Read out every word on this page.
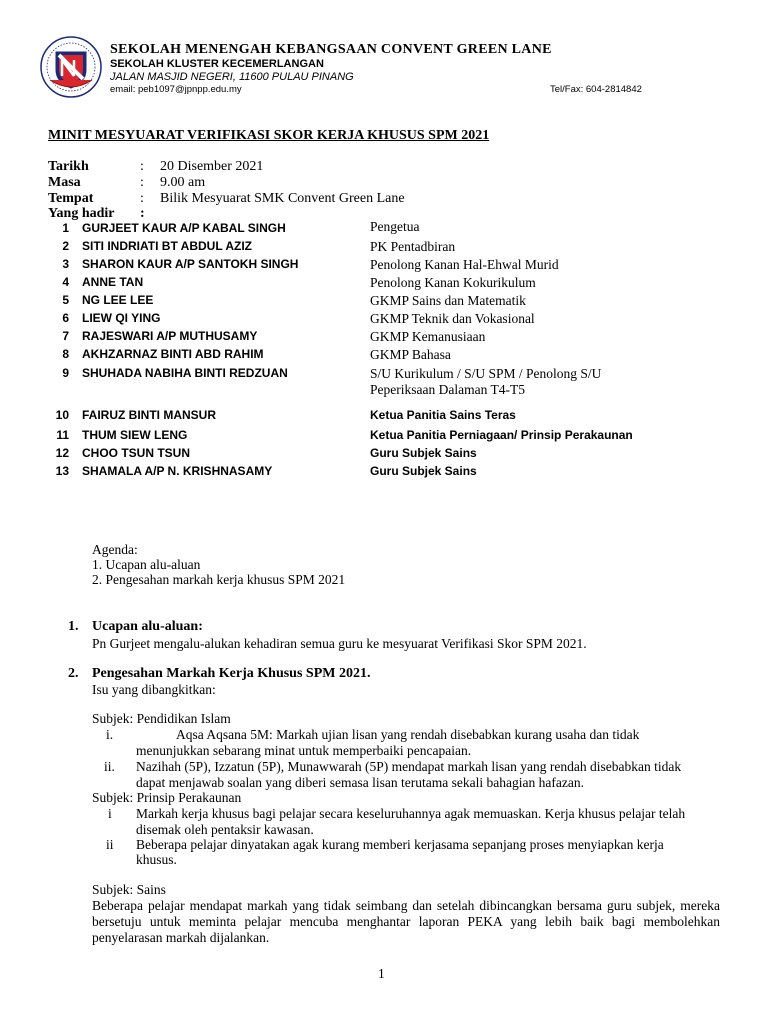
SEKOLAH MENENGAH KEBANGSAAN CONVENT GREEN LANE
SEKOLAH KLUSTER KECEMERLANGAN
JALAN MASJID NEGERI, 11600 PULAU PINANG
email: peb1097@jpnpp.edu.my	Tel/Fax: 604-2814842
MINIT MESYUARAT VERIFIKASI SKOR KERJA KHUSUS SPM 2021
Tarikh	: 20 Disember 2021
Masa	: 9.00 am
Tempat	: Bilik Mesyuarat SMK Convent Green Lane
Yang hadir :
1 GURJEET KAUR A/P KABAL SINGH	Pengetua
2 SITI INDRIATI BT ABDUL AZIZ	PK Pentadbiran
3 SHARON KAUR A/P SANTOKH SINGH	Penolong Kanan Hal-Ehwal Murid
4 ANNE TAN	Penolong Kanan Kokurikulum
5 NG LEE LEE	GKMP Sains dan Matematik
6 LIEW QI YING	GKMP Teknik dan Vokasional
7 RAJESWARI A/P MUTHUSAMY	GKMP Kemanusiaan
8 AKHZARNAZ BINTI ABD RAHIM	GKMP Bahasa
9 SHUHADA NABIHA BINTI REDZUAN	S/U Kurikulum / S/U SPM / Penolong S/U
Peperiksaan Dalaman T4-T5
10 FAIRUZ BINTI MANSUR	Ketua Panitia Sains Teras
11 THUM SIEW LENG	Ketua Panitia Perniagaan/ Prinsip Perakaunan
12 CHOO TSUN TSUN	Guru Subjek Sains
13 SHAMALA A/P N. KRISHNASAMY	Guru Subjek Sains
Agenda:
1. Ucapan alu-aluan
2. Pengesahan markah kerja khusus SPM 2021
1. Ucapan alu-aluan:
Pn Gurjeet mengalu-alukan kehadiran semua guru ke mesyuarat Verifikasi Skor SPM 2021.
2. Pengesahan Markah Kerja Khusus SPM 2021.
Isu yang dibangkitkan:
Subjek: Pendidikan Islam
i.	Aqsa Aqsana 5M: Markah ujian lisan yang rendah disebabkan kurang usaha dan tidak
menunjukkan sebarang minat untuk memperbaiki pencapaian.
ii. Nazihah (5P), Izzatun (5P), Munawwarah (5P) mendapat markah lisan yang rendah disebabkan tidak
dapat menjawab soalan yang diberi semasa lisan terutama sekali bahagian hafazan.
Subjek: Prinsip Perakaunan
i Markah kerja khusus bagi pelajar secara keseluruhannya agak memuaskan. Kerja khusus pelajar telah
disemak oleh pentaksir kawasan.
ii Beberapa pelajar dinyatakan agak kurang memberi kerjasama sepanjang proses menyiapkan kerja
khusus.
Subjek: Sains
Beberapa pelajar mendapat markah yang tidak seimbang dan setelah dibincangkan bersama guru subjek, mereka bersetuju untuk meminta pelajar mencuba menghantar laporan PEKA yang lebih baik bagi membolehkan penyelarasan markah dijalankan.
1
